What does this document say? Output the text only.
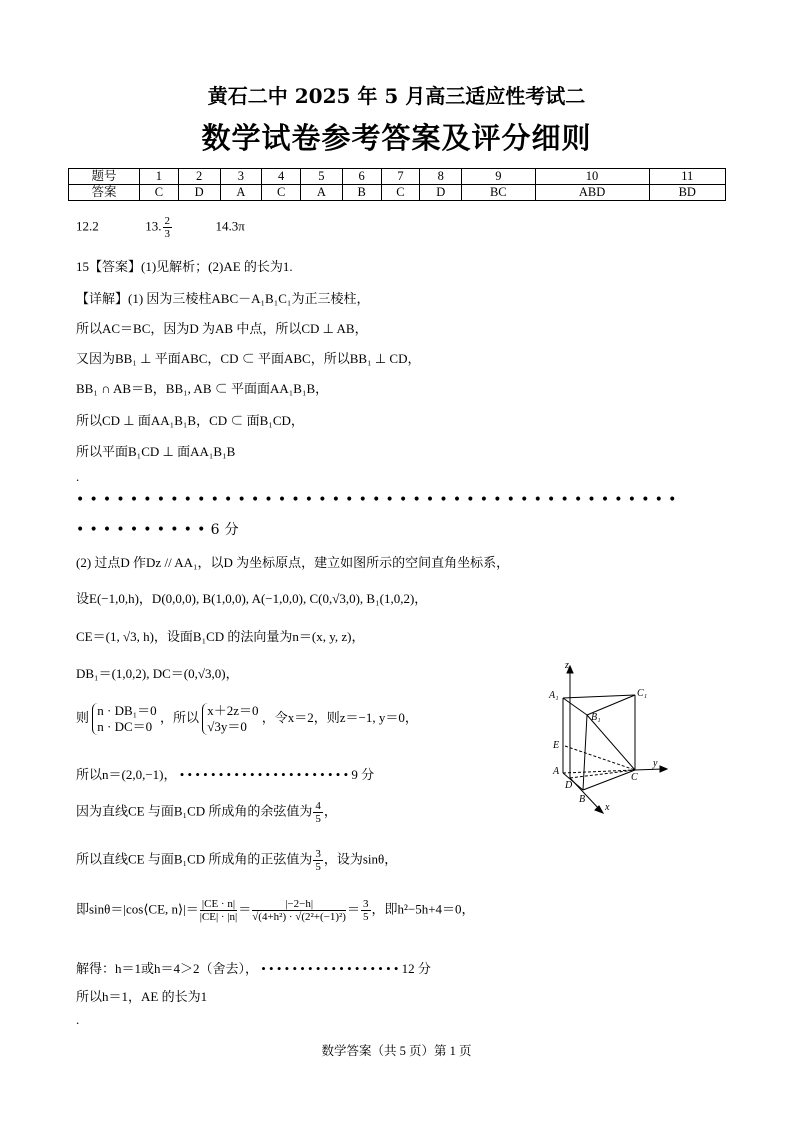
黄石二中 2025 年 5 月高三适应性考试二
数学试卷参考答案及评分细则
题号	1	2	3	4	5	6	7	8	9	10	11
答案	C	D	A	C	A	B	C	D	BC	ABD	BD
12.2	13. $\frac{2}{3}$	14.3π
15【答案】(1)见解析；(2)AE 的长为1.
【详解】(1) 因为三棱柱ABC－A₁B₁C₁为正三棱柱，
所以AC＝BC，因为D 为AB 中点，所以CD ⊥ AB，
又因为BB₁ ⊥ 平面ABC，CD ⊂ 平面ABC，所以BB₁ ⊥ CD，
BB₁ ∩ AB＝B，BB₁, AB ⊂ 平面面AA₁B₁B，
所以CD ⊥ 面AA₁B₁B，CD ⊂ 面B₁CD，
所以平面B₁CD ⊥ 面AA₁B₁B
.
•••••••••••••••••••••••••••••••••••••••••••••
••••••••••6分
(2) 过点D 作Dz // AA₁，以D 为坐标原点，建立如图所示的空间直角坐标系，
设E(−1,0,h)，D(0,0,0), B(1,0,0), A(−1,0,0), C(0,√3,0), B₁(1,0,2)，
CE＝(1, √3, h)，设面B₁CD 的法向量为n＝(x, y, z)，
DB₁＝(1,0,2), DC＝(0,√3,0)，
则 n · DB₁＝0
n · DC＝0 ，所以 x＋2z＝0
√3y＝0 ，令x＝2，则z＝−1, y＝0，
所以n＝(2,0,−1)， • • • • • • • • • • • • • • • • • • • • • • 9 分
因为直线CE 与面B₁CD 所成角的余弦值为 $\frac{4}{5}$ ，
所以直线CE 与面B₁CD 所成角的正弦值为 $\frac{3}{5}$ ，设为sinθ，
即sinθ＝|cos⟨CE, n⟩|＝ $\frac{|CE \cdot n|}{|CE| \cdot |n|} = \frac{|-2-h|}{\text{√(4+h²) · √(2²+(−1)²)}} = \frac{3}{5}$ ，即h²−5h+4＝0，
解得：h＝1或h＝4＞2（舍去）， • • • • • • • • • • • • • • • • • • 12 分
所以h＝1，AE 的长为1
.
z
A₁	C₁
B₁
E
A
C
y
D
B
x
数学答案（共 5 页）第 1 页
